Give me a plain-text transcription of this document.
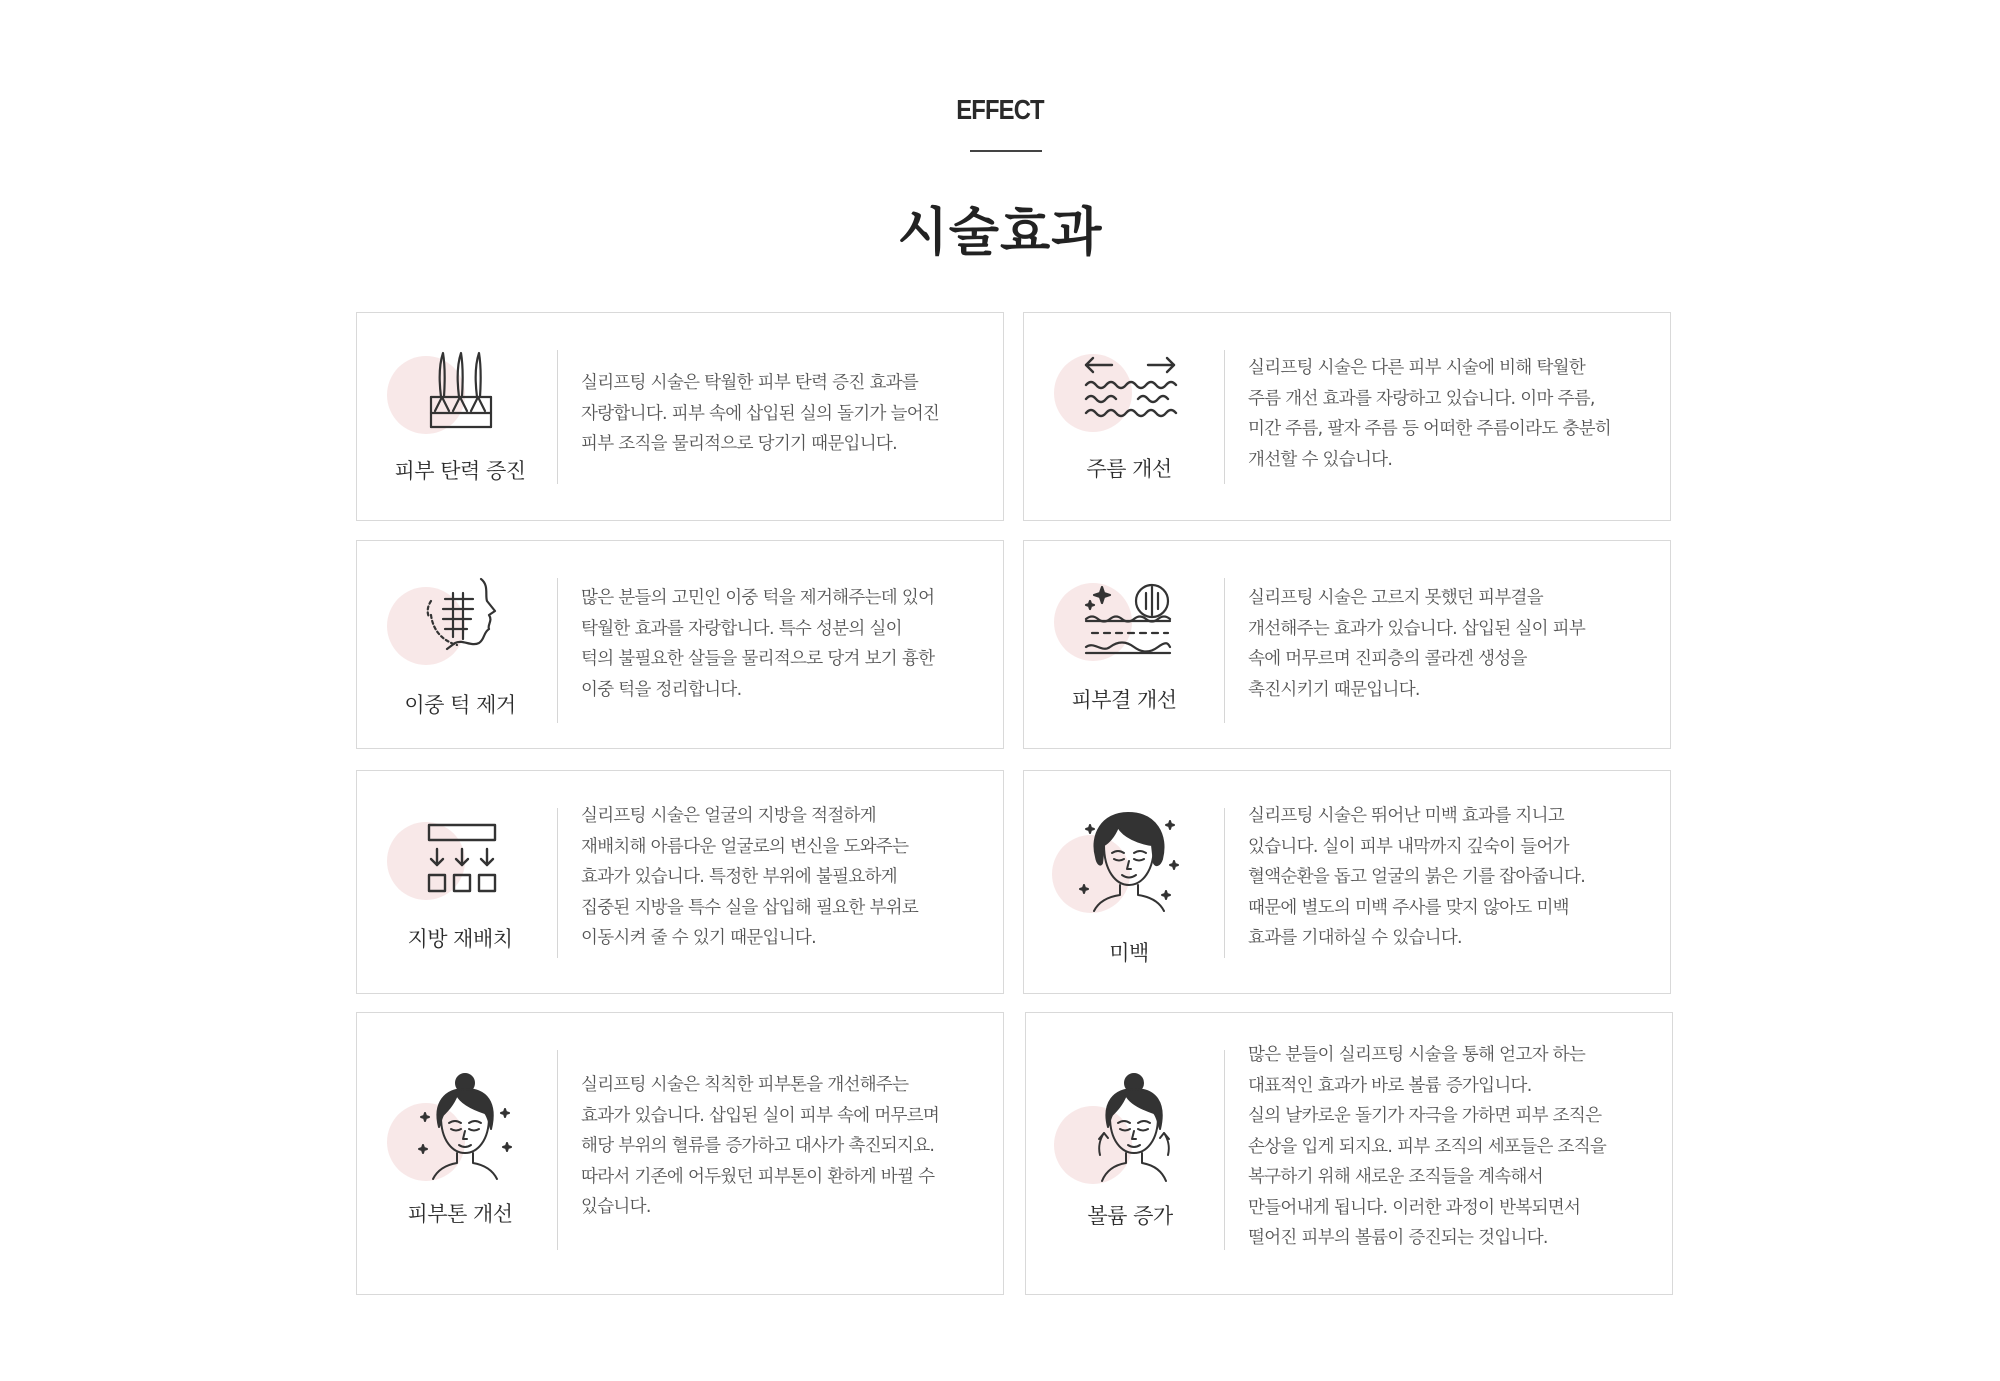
EFFECT
시술효과
피부 탄력 증진

실리프팅 시술은 탁월한 피부 탄력 증진 효과를
자랑합니다. 피부 속에 삽입된 실의 돌기가 늘어진
피부 조직을 물리적으로 당기기 때문입니다.

주름 개선

실리프팅 시술은 다른 피부 시술에 비해 탁월한
주름 개선 효과를 자랑하고 있습니다. 이마 주름,
미간 주름, 팔자 주름 등 어떠한 주름이라도 충분히
개선할 수 있습니다.

이중 턱 제거

많은 분들의 고민인 이중 턱을 제거해주는데 있어
탁월한 효과를 자랑합니다. 특수 성분의 실이
턱의 불필요한 살들을 물리적으로 당겨 보기 흉한
이중 턱을 정리합니다.	피부결 개선

실리프팅 시술은 고르지 못했던 피부결을
개선해주는 효과가 있습니다. 삽입된 실이 피부
속에 머무르며 진피층의 콜라겐 생성을
촉진시키기 때문입니다.

지방 재배치

실리프팅 시술은 얼굴의 지방을 적절하게
재배치해 아름다운 얼굴로의 변신을 도와주는
효과가 있습니다. 특정한 부위에 불필요하게
집중된 지방을 특수 실을 삽입해 필요한 부위로
이동시켜 줄 수 있기 때문입니다.

미백

실리프팅 시술은 뛰어난 미백 효과를 지니고
있습니다. 실이 피부 내막까지 깊숙이 들어가
혈액순환을 돕고 얼굴의 붉은 기를 잡아줍니다.
때문에 별도의 미백 주사를 맞지 않아도 미백
효과를 기대하실 수 있습니다.

피부톤 개선

실리프팅 시술은 칙칙한 피부톤을 개선해주는
효과가 있습니다. 삽입된 실이 피부 속에 머무르며
해당 부위의 혈류를 증가하고 대사가 촉진되지요.
따라서 기존에 어두웠던 피부톤이 환하게 바뀔 수
있습니다.	볼륨 증가

많은 분들이 실리프팅 시술을 통해 얻고자 하는
대표적인 효과가 바로 볼륨 증가입니다.
실의 날카로운 돌기가 자극을 가하면 피부 조직은
손상을 입게 되지요. 피부 조직의 세포들은 조직을
복구하기 위해 새로운 조직들을 계속해서
만들어내게 됩니다. 이러한 과정이 반복되면서
떨어진 피부의 볼륨이 증진되는 것입니다.
